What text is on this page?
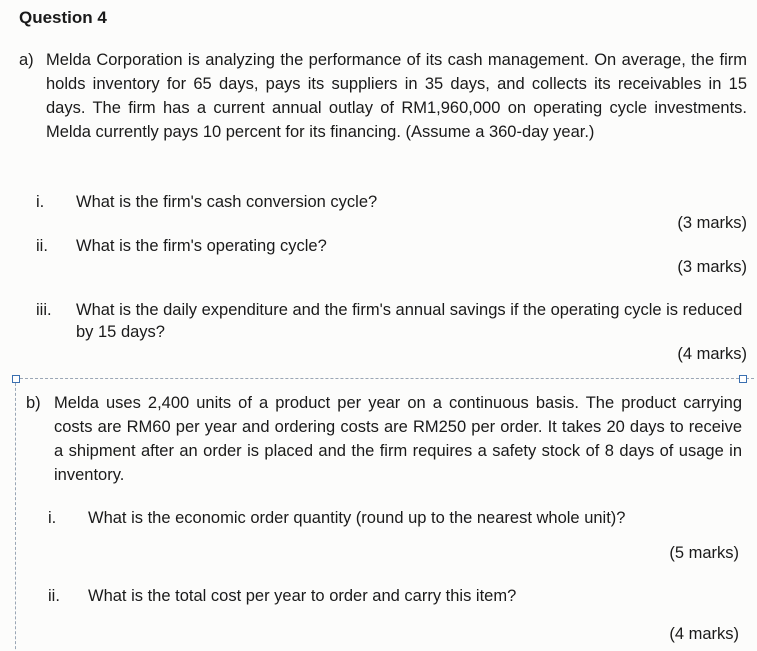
Question 4

a) Melda Corporation is analyzing the performance of its cash management. On average, the firm holds inventory for 65 days, pays its suppliers in 35 days, and collects its receivables in 15 days. The firm has a current annual outlay of RM1,960,000 on operating cycle investments. Melda currently pays 10 percent for its financing. (Assume a 360-day year.)

i.	What is the firm's cash conversion cycle?
(3 marks)
ii.	What is the firm's operating cycle?
(3 marks)
iii.	What is the daily expenditure and the firm's annual savings if the operating cycle is reduced by 15 days?
(4 marks)

b) Melda uses 2,400 units of a product per year on a continuous basis. The product carrying costs are RM60 per year and ordering costs are RM250 per order. It takes 20 days to receive a shipment after an order is placed and the firm requires a safety stock of 8 days of usage in inventory.

i.	What is the economic order quantity (round up to the nearest whole unit)?
(5 marks)
ii.	What is the total cost per year to order and carry this item?
(4 marks)
